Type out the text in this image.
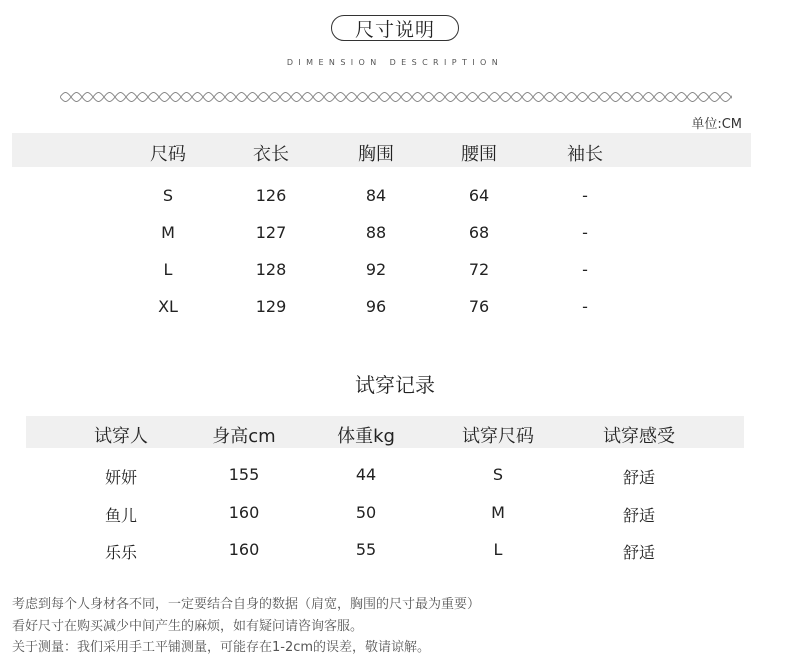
尺寸说明
DIMENSION DESCRIPTION
单位:CM
尺码	衣长	胸围	腰围	袖长
S	126	84	64	-
M	127	88	68	-
L	128	92	72	-
XL	129	96	76	-
试穿记录
试穿人	身高cm	体重kg	试穿尺码	试穿感受
妍妍	155	44	S	舒适
鱼儿	160	50	M	舒适
乐乐	160	55	L	舒适
考虑到每个人身材各不同，一定要结合自身的数据（肩宽，胸围的尺寸最为重要）
看好尺寸在购买减少中间产生的麻烦，如有疑问请咨询客服。
关于测量：我们采用手工平铺测量，可能存在1-2cm的误差，敬请谅解。
